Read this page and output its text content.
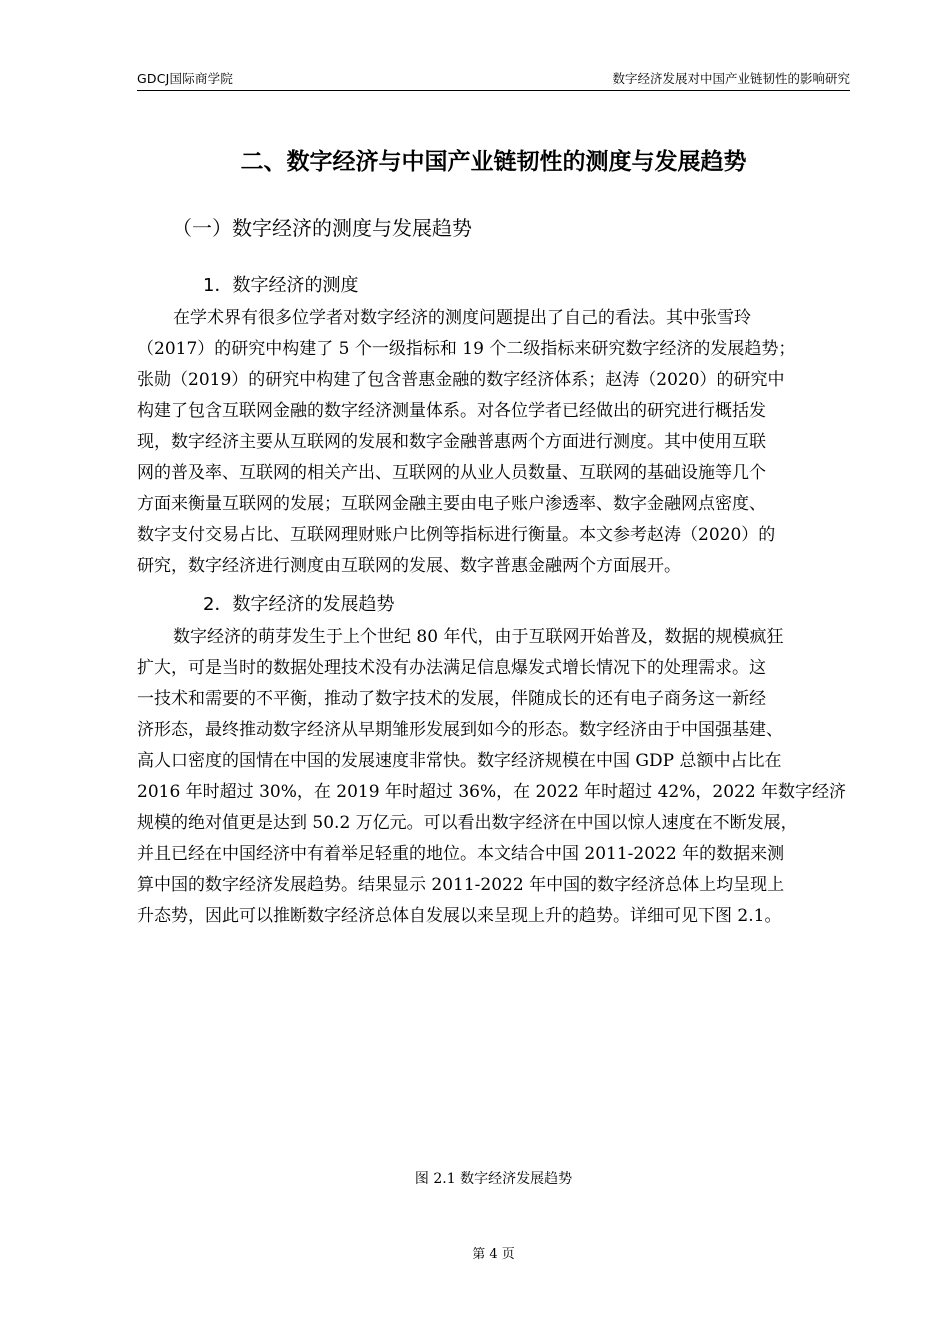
GDCJ国际商学院	数字经济发展对中国产业链韧性的影响研究
二、数字经济与中国产业链韧性的测度与发展趋势
（一）数字经济的测度与发展趋势
1．数字经济的测度
在学术界有很多位学者对数字经济的测度问题提出了自己的看法。其中张雪玲
（2017）的研究中构建了 5 个一级指标和 19 个二级指标来研究数字经济的发展趋势；
张勋（2019）的研究中构建了包含普惠金融的数字经济体系；赵涛（2020）的研究中
构建了包含互联网金融的数字经济测量体系。对各位学者已经做出的研究进行概括发
现，数字经济主要从互联网的发展和数字金融普惠两个方面进行测度。其中使用互联
网的普及率、互联网的相关产出、互联网的从业人员数量、互联网的基础设施等几个
方面来衡量互联网的发展；互联网金融主要由电子账户渗透率、数字金融网点密度、
数字支付交易占比、互联网理财账户比例等指标进行衡量。本文参考赵涛（2020）的
研究，数字经济进行测度由互联网的发展、数字普惠金融两个方面展开。
2．数字经济的发展趋势
数字经济的萌芽发生于上个世纪 80 年代，由于互联网开始普及，数据的规模疯狂
扩大，可是当时的数据处理技术没有办法满足信息爆发式增长情况下的处理需求。这
一技术和需要的不平衡，推动了数字技术的发展，伴随成长的还有电子商务这一新经
济形态，最终推动数字经济从早期雏形发展到如今的形态。数字经济由于中国强基建、
高人口密度的国情在中国的发展速度非常快。数字经济规模在中国 GDP 总额中占比在
2016 年时超过 30%，在 2019 年时超过 36%，在 2022 年时超过 42%，2022 年数字经济
规模的绝对值更是达到 50.2 万亿元。可以看出数字经济在中国以惊人速度在不断发展，
并且已经在中国经济中有着举足轻重的地位。本文结合中国 2011-2022 年的数据来测
算中国的数字经济发展趋势。结果显示 2011-2022 年中国的数字经济总体上均呈现上
升态势，因此可以推断数字经济总体自发展以来呈现上升的趋势。详细可见下图 2.1。
图 2.1 数字经济发展趋势
第 4 页
